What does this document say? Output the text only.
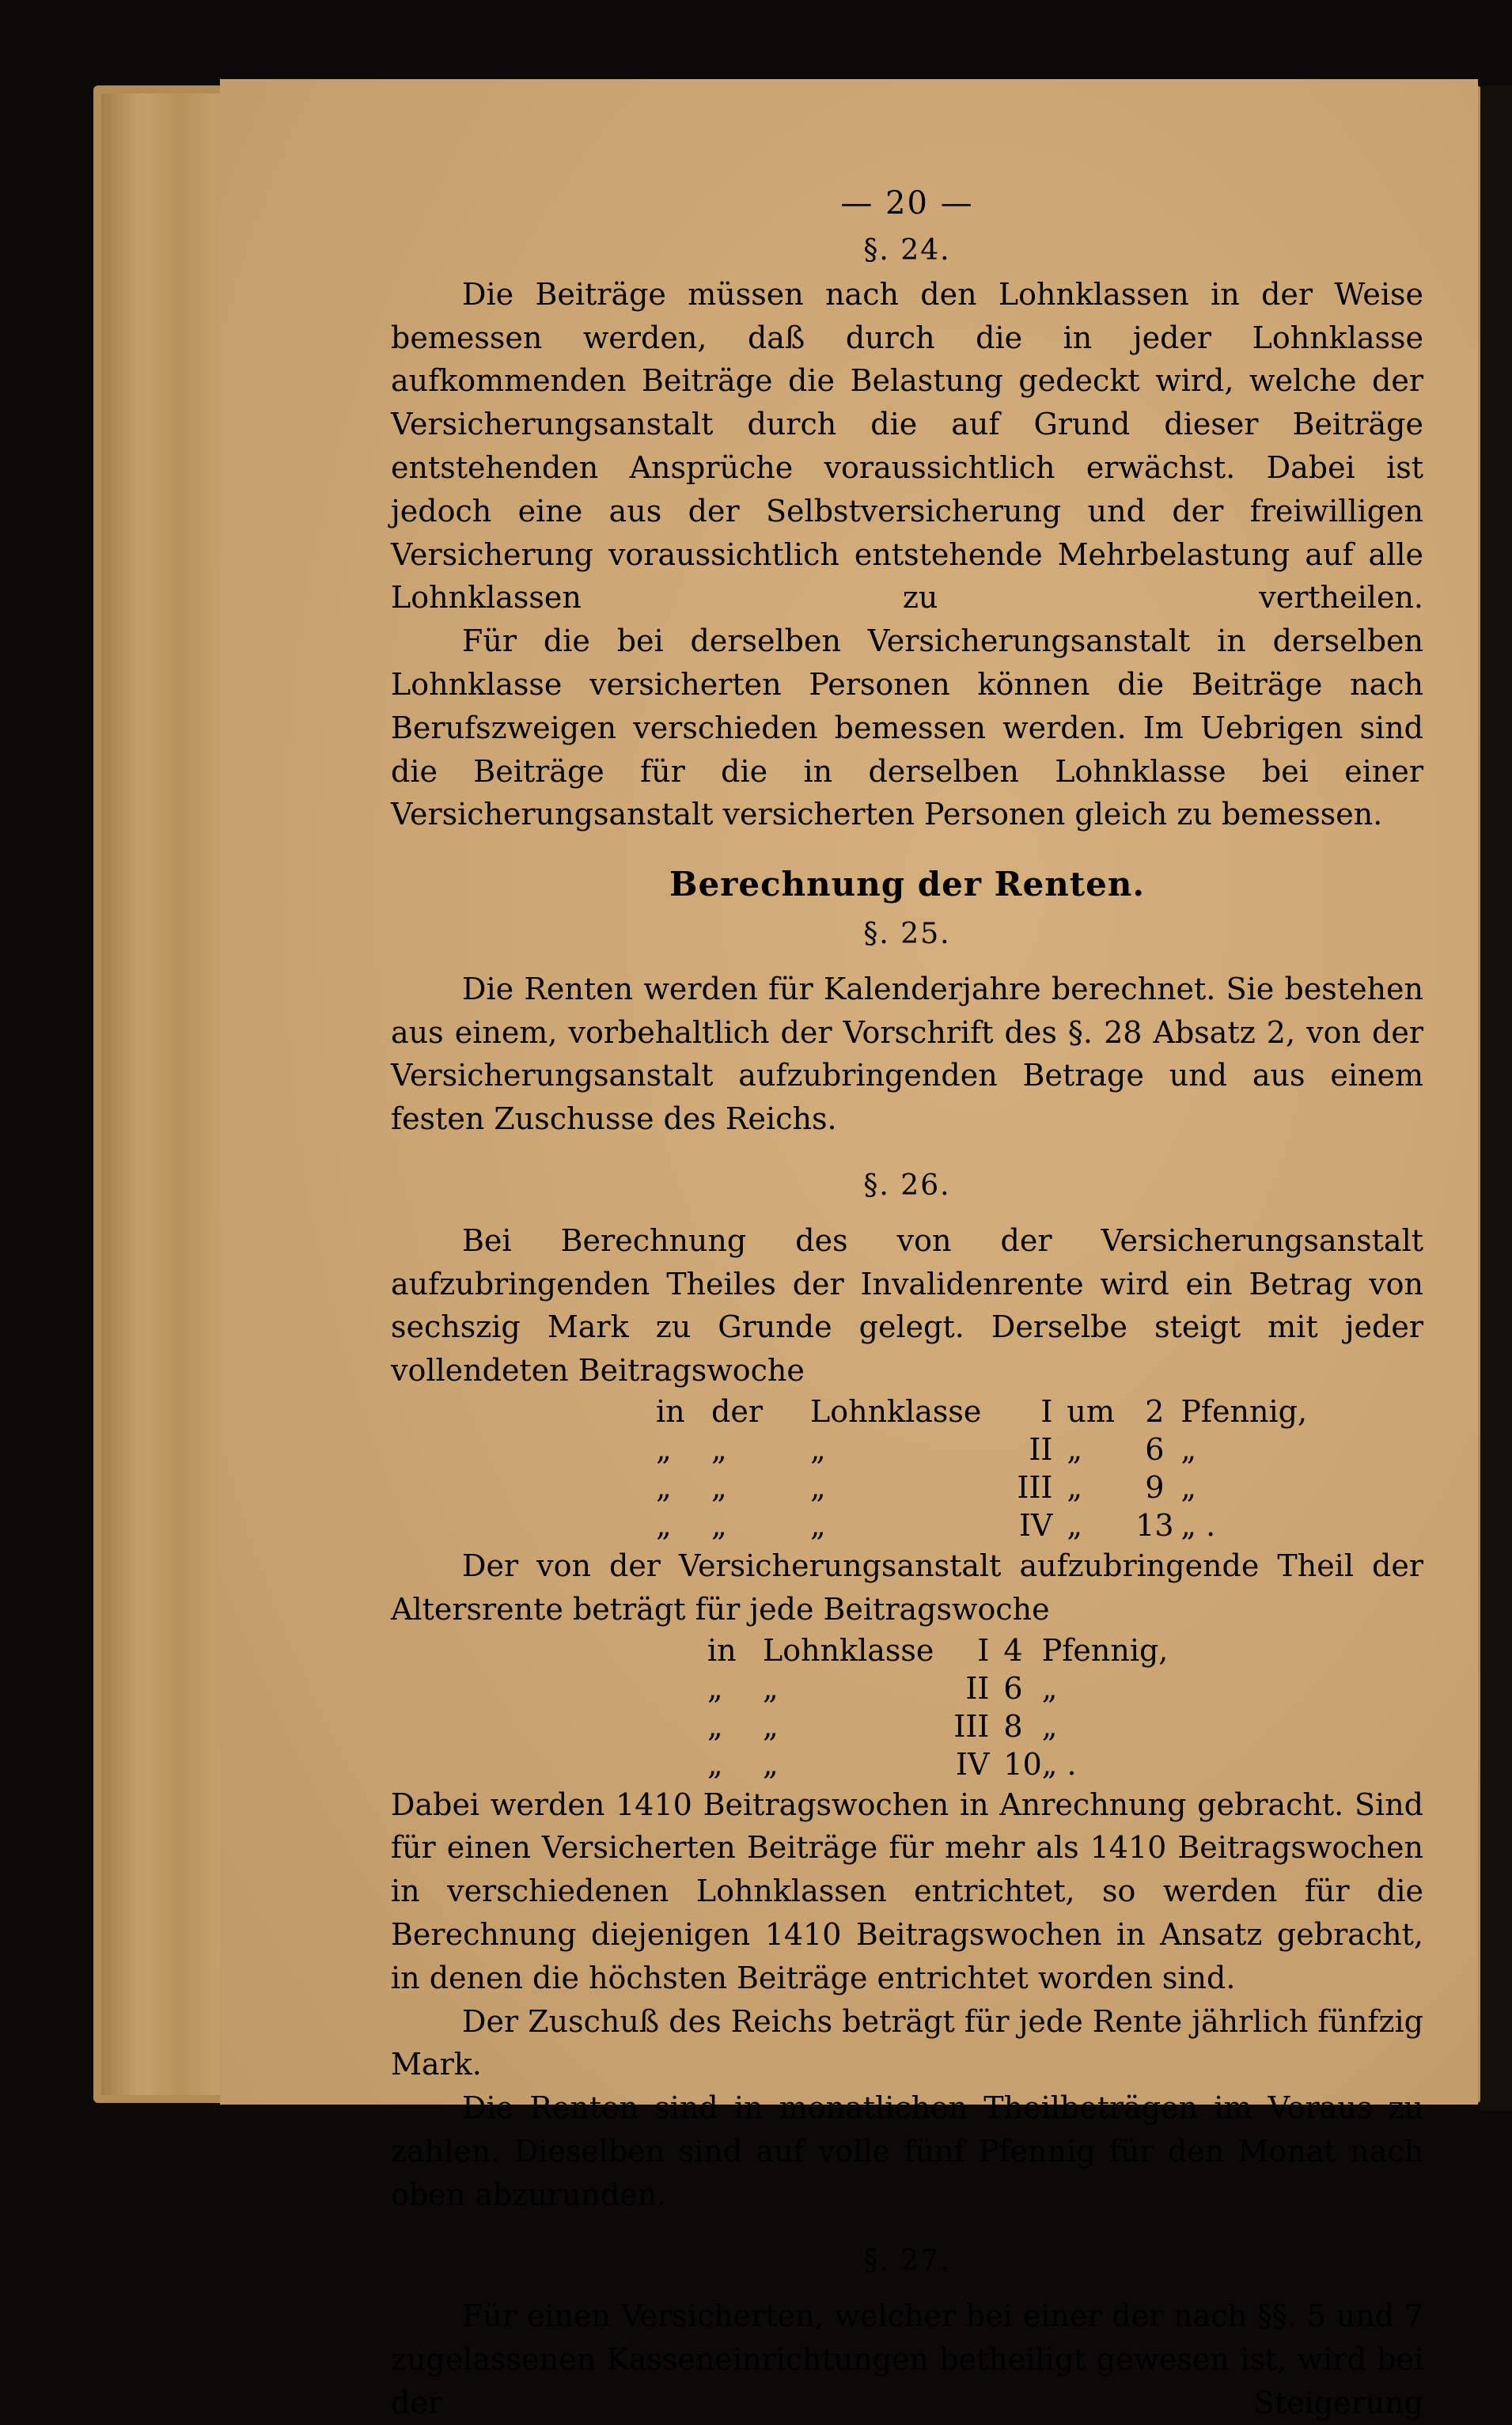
— 20 —
§. 24.

Die Beiträge müssen nach den Lohnklassen in der Weise bemessen werden, daß durch die in jeder Lohnklasse aufkommenden Beiträge die Belastung gedeckt wird, welche der Versicherungsanstalt durch die auf Grund dieser Beiträge entstehenden Ansprüche voraussichtlich erwächst. Dabei ist jedoch eine aus der Selbstversicherung und der freiwilligen Versicherung voraussichtlich entstehende Mehrbelastung auf alle Lohnklassen zu vertheilen.

Für die bei derselben Versicherungsanstalt in derselben Lohnklasse versicherten Personen können die Beiträge nach Berufszweigen verschieden bemessen werden. Im Uebrigen sind die Beiträge für die in derselben Lohnklasse bei einer Versicherungsanstalt versicherten Personen gleich zu bemessen.

Berechnung der Renten.
§. 25.

Die Renten werden für Kalenderjahre berechnet. Sie bestehen aus einem, vorbehaltlich der Vorschrift des §. 28 Absatz 2, von der Versicherungsanstalt aufzubringenden Betrage und aus einem festen Zuschusse des Reichs.

§. 26.

Bei Berechnung des von der Versicherungsanstalt aufzubringenden Theiles der Invalidenrente wird ein Betrag von sechszig Mark zu Grunde gelegt. Derselbe steigt mit jeder vollendeten Beitragswoche

in	der	Lohnklasse	I	um	2	Pfennig,
„	„	„	II	„	6	„
„	„	„	III	„	9	„
„	„	„	IV	„	13	„ .

Der von der Versicherungsanstalt aufzubringende Theil der Altersrente beträgt für jede Beitragswoche

in	Lohnklasse	I	4	Pfennig,
„	„	II	6	„
„	„	III	8	„
„	„	IV	10	„ .

Dabei werden 1410 Beitragswochen in Anrechnung gebracht. Sind für einen Versicherten Beiträge für mehr als 1410 Beitragswochen in verschiedenen Lohnklassen entrichtet, so werden für die Berechnung diejenigen 1410 Beitragswochen in Ansatz gebracht, in denen die höchsten Beiträge entrichtet worden sind.

Der Zuschuß des Reichs beträgt für jede Rente jährlich fünfzig Mark.

Die Renten sind in monatlichen Theilbeträgen im Voraus zu zahlen. Dieselben sind auf volle fünf Pfennig für den Monat nach oben abzurunden.

§. 27.

Für einen Versicherten, welcher bei einer der nach §§. 5 und 7 zugelassenen Kasseneinrichtungen betheiligt gewesen ist, wird bei der Steigerung
